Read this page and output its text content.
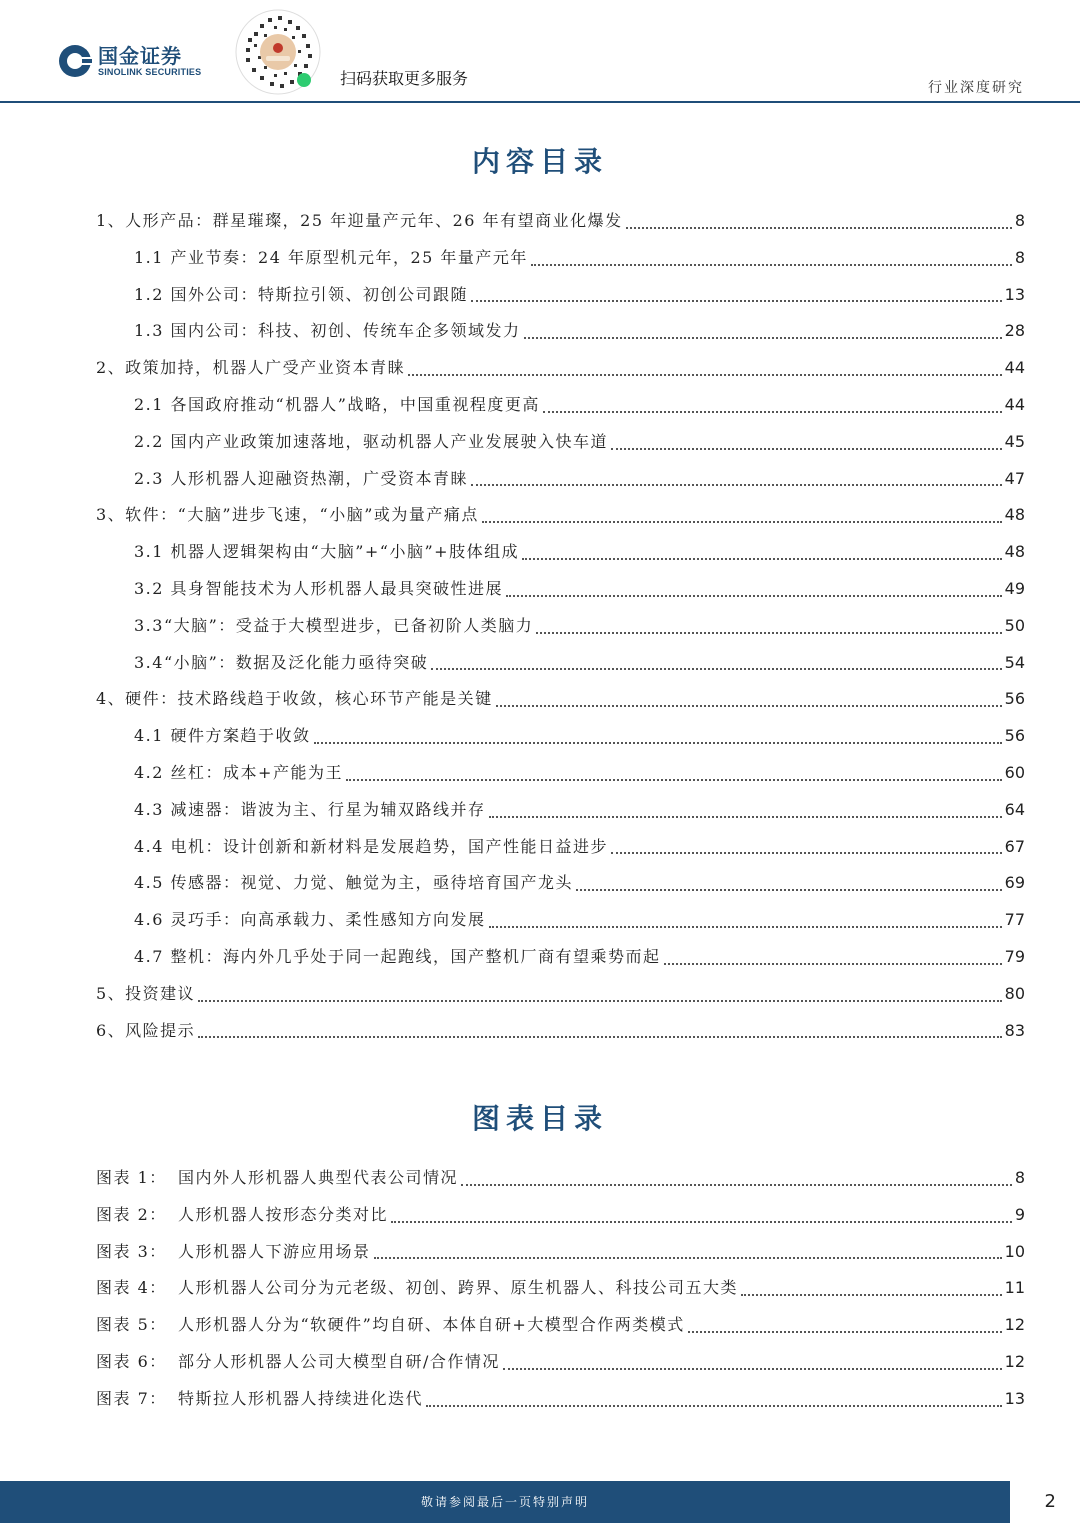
国金证券
SINOLINK SECURITIES	扫码获取更多服务	行业深度研究
内容目录
1、人形产品：群星璀璨，25 年迎量产元年、26 年有望商业化爆发	8
1.1 产业节奏：24 年原型机元年，25 年量产元年	8
1.2 国外公司：特斯拉引领、初创公司跟随	13
1.3 国内公司：科技、初创、传统车企多领域发力	28
2、政策加持，机器人广受产业资本青睐	44
2.1 各国政府推动“机器人”战略，中国重视程度更高	44
2.2 国内产业政策加速落地，驱动机器人产业发展驶入快车道	45
2.3 人形机器人迎融资热潮，广受资本青睐	47
3、软件：“大脑”进步飞速，“小脑”或为量产痛点	48
3.1 机器人逻辑架构由“大脑”+“小脑”+肢体组成	48
3.2 具身智能技术为人形机器人最具突破性进展	49
3.3“大脑”：受益于大模型进步，已备初阶人类脑力	50
3.4“小脑”：数据及泛化能力亟待突破	54
4、硬件：技术路线趋于收敛，核心环节产能是关键	56
4.1 硬件方案趋于收敛	56
4.2 丝杠：成本+产能为王	60
4.3 减速器：谐波为主、行星为辅双路线并存	64
4.4 电机：设计创新和新材料是发展趋势，国产性能日益进步	67
4.5 传感器：视觉、力觉、触觉为主，亟待培育国产龙头	69
4.6 灵巧手：向高承载力、柔性感知方向发展	77
4.7 整机：海内外几乎处于同一起跑线，国产整机厂商有望乘势而起	79
5、投资建议	80
6、风险提示	83
图表目录
图表 1： 国内外人形机器人典型代表公司情况	8
图表 2： 人形机器人按形态分类对比	9
图表 3： 人形机器人下游应用场景	10
图表 4： 人形机器人公司分为元老级、初创、跨界、原生机器人、科技公司五大类	11
图表 5： 人形机器人分为“软硬件”均自研、本体自研+大模型合作两类模式	12
图表 6： 部分人形机器人公司大模型自研/合作情况	12
图表 7： 特斯拉人形机器人持续进化迭代	13
敬请参阅最后一页特别声明	2
